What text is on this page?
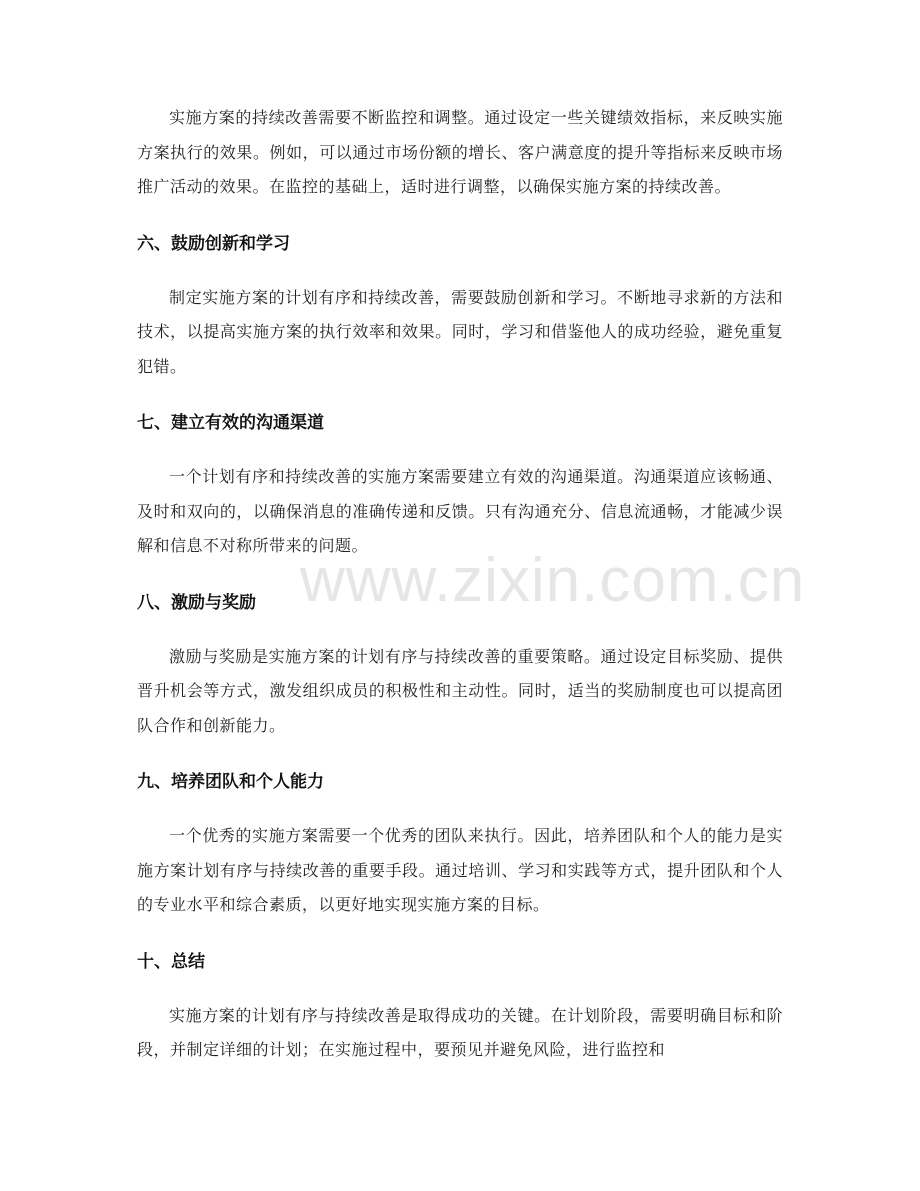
www.zixin.com.cn

实施方案的持续改善需要不断监控和调整。通过设定一些关键绩效指标，来反映实施方案执行的效果。例如，可以通过市场份额的增长、客户满意度的提升等指标来反映市场推广活动的效果。在监控的基础上，适时进行调整，以确保实施方案的持续改善。

六、鼓励创新和学习

制定实施方案的计划有序和持续改善，需要鼓励创新和学习。不断地寻求新的方法和技术，以提高实施方案的执行效率和效果。同时，学习和借鉴他人的成功经验，避免重复犯错。

七、建立有效的沟通渠道

一个计划有序和持续改善的实施方案需要建立有效的沟通渠道。沟通渠道应该畅通、及时和双向的，以确保消息的准确传递和反馈。只有沟通充分、信息流通畅，才能减少误解和信息不对称所带来的问题。

八、激励与奖励

激励与奖励是实施方案的计划有序与持续改善的重要策略。通过设定目标奖励、提供晋升机会等方式，激发组织成员的积极性和主动性。同时，适当的奖励制度也可以提高团队合作和创新能力。

九、培养团队和个人能力

一个优秀的实施方案需要一个优秀的团队来执行。因此，培养团队和个人的能力是实施方案计划有序与持续改善的重要手段。通过培训、学习和实践等方式，提升团队和个人的专业水平和综合素质，以更好地实现实施方案的目标。

十、总结

实施方案的计划有序与持续改善是取得成功的关键。在计划阶段，需要明确目标和阶段，并制定详细的计划；在实施过程中，要预见并避免风险，进行监控和
